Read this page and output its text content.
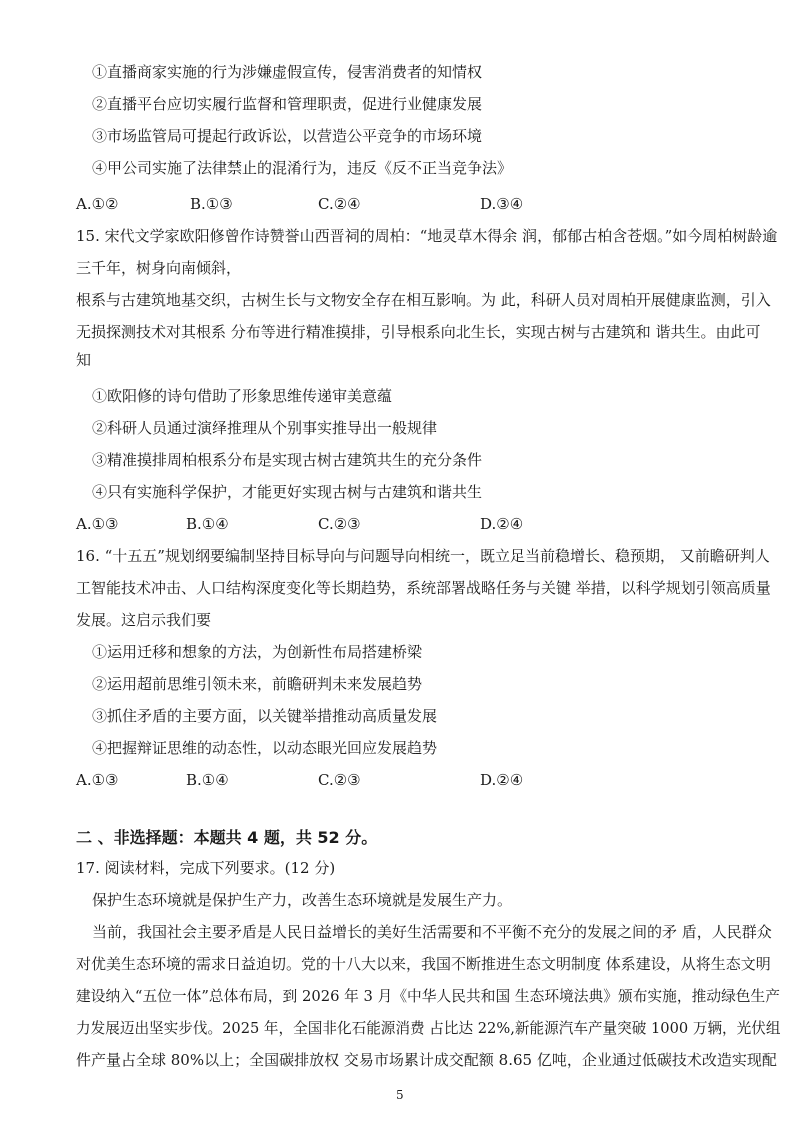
①直播商家实施的行为涉嫌虚假宣传，侵害消费者的知情权
②直播平台应切实履行监督和管理职责，促进行业健康发展
③市场监管局可提起行政诉讼，以营造公平竞争的市场环境
④甲公司实施了法律禁止的混淆行为，违反《反不正当竞争法》
A.①②	B.①③	C.②④	D.③④
15. 宋代文学家欧阳修曾作诗赞誉山西晋祠的周柏：“地灵草木得余 润，郁郁古柏含苍烟。”如今周柏树龄逾
三千年，树身向南倾斜，
根系与古建筑地基交织，古树生长与文物安全存在相互影响。为 此，科研人员对周柏开展健康监测，引入
无损探测技术对其根系 分布等进行精准摸排，引导根系向北生长，实现古树与古建筑和 谐共生。由此可
知
①欧阳修的诗句借助了形象思维传递审美意蕴
②科研人员通过演绎推理从个别事实推导出一般规律
③精准摸排周柏根系分布是实现古树古建筑共生的充分条件
④只有实施科学保护，才能更好实现古树与古建筑和谐共生
A.①③	B.①④	C.②③	D.②④
16. “十五五”规划纲要编制坚持目标导向与问题导向相统一，既立足当前稳增长、稳预期， 又前瞻研判人
工智能技术冲击、人口结构深度变化等长期趋势，系统部署战略任务与关键 举措，以科学规划引领高质量
发展。这启示我们要
①运用迁移和想象的方法，为创新性布局搭建桥梁
②运用超前思维引领未来，前瞻研判未来发展趋势
③抓住矛盾的主要方面，以关键举措推动高质量发展
④把握辩证思维的动态性，以动态眼光回应发展趋势
A.①③	B.①④	C.②③	D.②④
二 、非选择题：本题共 4 题，共 52 分。
17. 阅读材料，完成下列要求。(12 分)
保护生态环境就是保护生产力，改善生态环境就是发展生产力。
当前，我国社会主要矛盾是人民日益增长的美好生活需要和不平衡不充分的发展之间的矛 盾，人民群众
对优美生态环境的需求日益迫切。党的十八大以来，我国不断推进生态文明制度 体系建设，从将生态文明
建设纳入“五位一体”总体布局，到 2026 年 3 月《中华人民共和国 生态环境法典》颁布实施，推动绿色生产
力发展迈出坚实步伐。2025 年，全国非化石能源消费 占比达 22%,新能源汽车产量突破 1000 万辆，光伏组
件产量占全球 80%以上；全国碳排放权 交易市场累计成交配额 8.65 亿吨，企业通过低碳技术改造实现配
5
